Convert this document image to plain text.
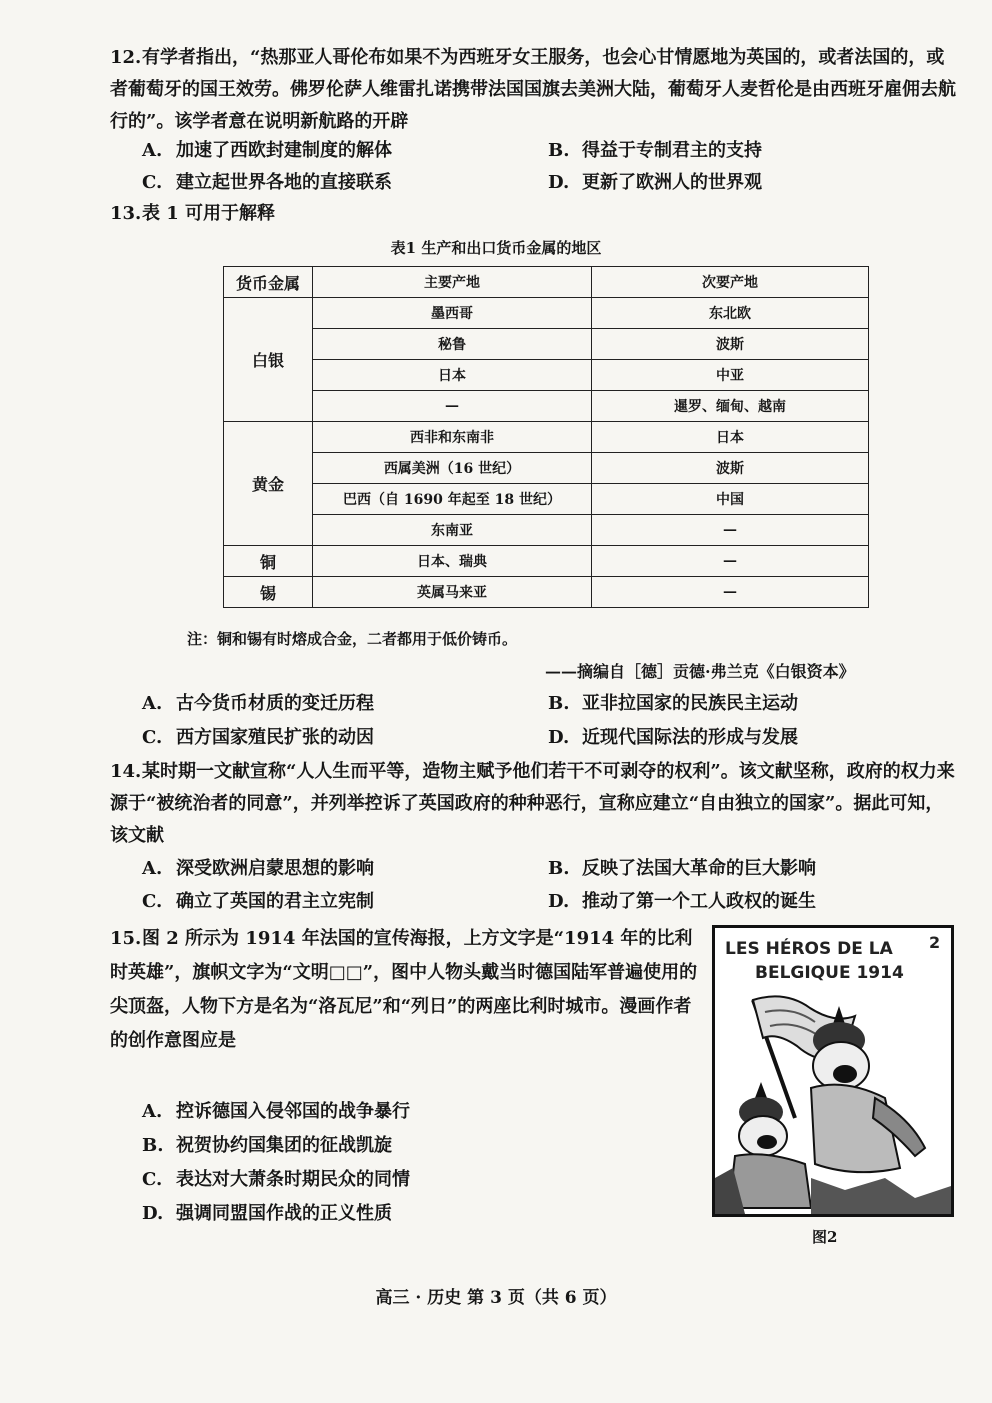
12.有学者指出，“热那亚人哥伦布如果不为西班牙女王服务，也会心甘情愿地为英国的，或者法国的，或者葡萄牙的国王效劳。佛罗伦萨人维雷扎诺携带法国国旗去美洲大陆，葡萄牙人麦哲伦是由西班牙雇佣去航行的”。该学者意在说明新航路的开辟
A. 加速了西欧封建制度的解体	B. 得益于专制君主的支持
C. 建立起世界各地的直接联系	D. 更新了欧洲人的世界观
13.表 1 可用于解释
表1 生产和出口货币金属的地区
货币金属	主要产地	次要产地
白银	墨西哥	东北欧
	秘鲁	波斯
	日本	中亚
	—	暹罗、缅甸、越南
黄金	西非和东南非	日本
	西属美洲（16 世纪）	波斯
	巴西（自 1690 年起至 18 世纪）	中国
	东南亚	—
铜	日本、瑞典	—
锡	英属马来亚	—
注：铜和锡有时熔成合金，二者都用于低价铸币。
——摘编自［德］贡德·弗兰克《白银资本》
A. 古今货币材质的变迁历程	B. 亚非拉国家的民族民主运动
C. 西方国家殖民扩张的动因	D. 近现代国际法的形成与发展
14.某时期一文献宣称“人人生而平等，造物主赋予他们若干不可剥夺的权利”。该文献坚称，政府的权力来源于“被统治者的同意”，并列举控诉了英国政府的种种恶行，宣称应建立“自由独立的国家”。据此可知，该文献
A. 深受欧洲启蒙思想的影响	B. 反映了法国大革命的巨大影响
C. 确立了英国的君主立宪制	D. 推动了第一个工人政权的诞生
15.图 2 所示为 1914 年法国的宣传海报，上方文字是“1914 年的比利时英雄”，旗帜文字为“文明□□”，图中人物头戴当时德国陆军普遍使用的尖顶盔，人物下方是名为“洛瓦尼”和“列日”的两座比利时城市。漫画作者的创作意图应是
A. 控诉德国入侵邻国的战争暴行
B. 祝贺协约国集团的征战凯旋
C. 表达对大萧条时期民众的同情
D. 强调同盟国作战的正义性质
LES HÉROS DE LA
BELGIQUE 1914
2
图2
高三 · 历史 第 3 页（共 6 页）
